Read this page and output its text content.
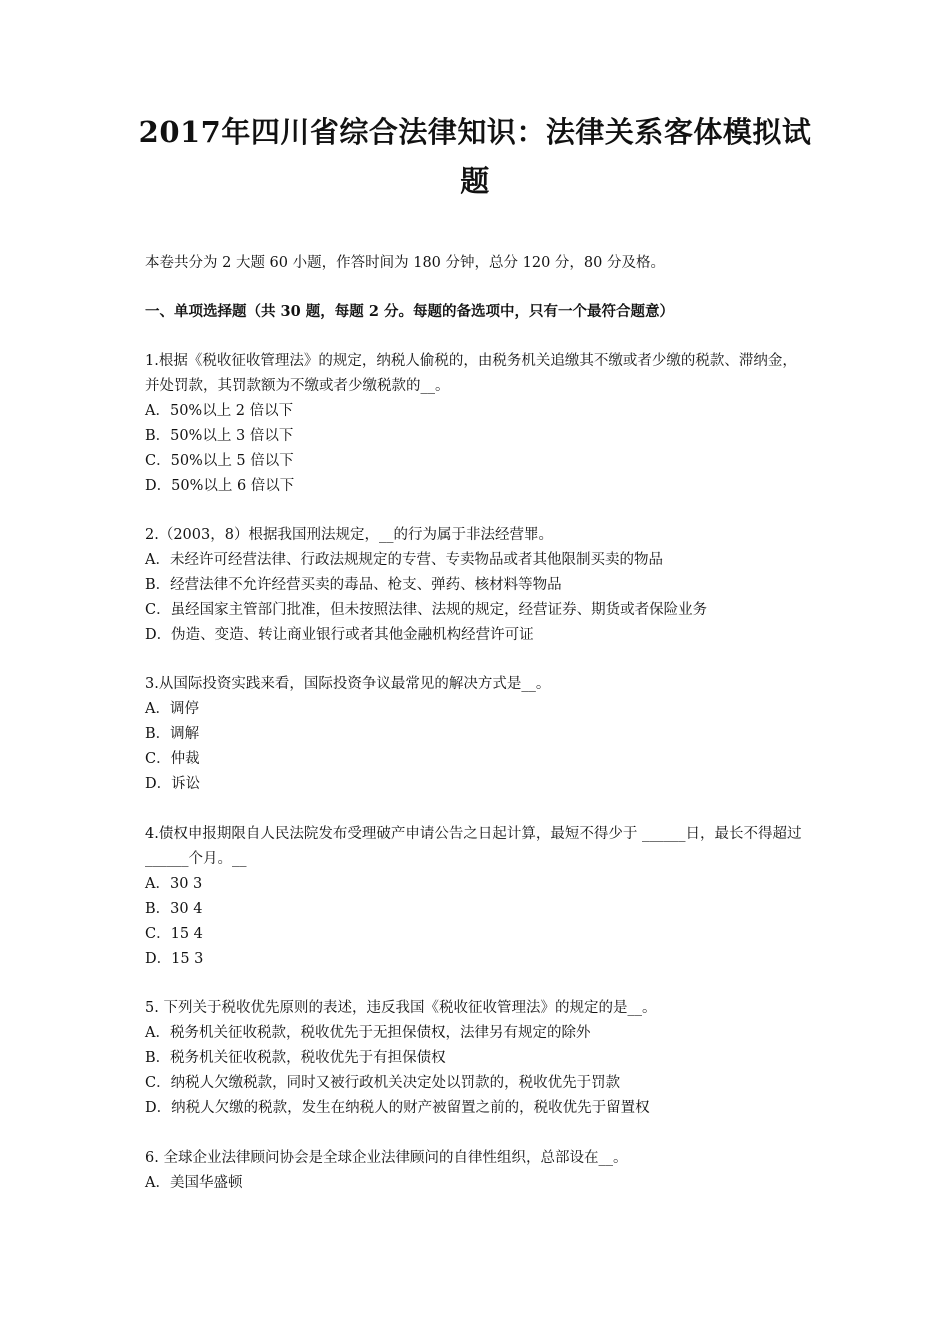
2017年四川省综合法律知识：法律关系客体模拟试
题
本卷共分为 2 大题 60 小题，作答时间为 180 分钟，总分 120 分，80 分及格。
一、单项选择题（共 30 题，每题 2 分。每题的备选项中，只有一个最符合题意）
1.根据《税收征收管理法》的规定，纳税人偷税的，由税务机关追缴其不缴或者少缴的税款、滞纳金，并处罚款，其罚款额为不缴或者少缴税款的__。
A．50%以上 2 倍以下
B．50%以上 3 倍以下
C．50%以上 5 倍以下
D．50%以上 6 倍以下
2.（2003，8）根据我国刑法规定，__的行为属于非法经营罪。
A．未经许可经营法律、行政法规规定的专营、专卖物品或者其他限制买卖的物品
B．经营法律不允许经营买卖的毒品、枪支、弹药、核材料等物品
C．虽经国家主管部门批准，但未按照法律、法规的规定，经营证券、期货或者保险业务
D．伪造、变造、转让商业银行或者其他金融机构经营许可证
3.从国际投资实践来看，国际投资争议最常见的解决方式是__。
A．调停
B．调解
C．仲裁
D．诉讼
4.债权申报期限自人民法院发布受理破产申请公告之日起计算，最短不得少于 ______日，最长不得超过______个月。__
A．30 3
B．30 4
C．15 4
D．15 3
5. 下列关于税收优先原则的表述，违反我国《税收征收管理法》的规定的是__。
A．税务机关征收税款，税收优先于无担保债权，法律另有规定的除外
B．税务机关征收税款，税收优先于有担保债权
C．纳税人欠缴税款，同时又被行政机关决定处以罚款的，税收优先于罚款
D．纳税人欠缴的税款，发生在纳税人的财产被留置之前的，税收优先于留置权
6. 全球企业法律顾问协会是全球企业法律顾问的自律性组织，总部设在__。
A．美国华盛顿
